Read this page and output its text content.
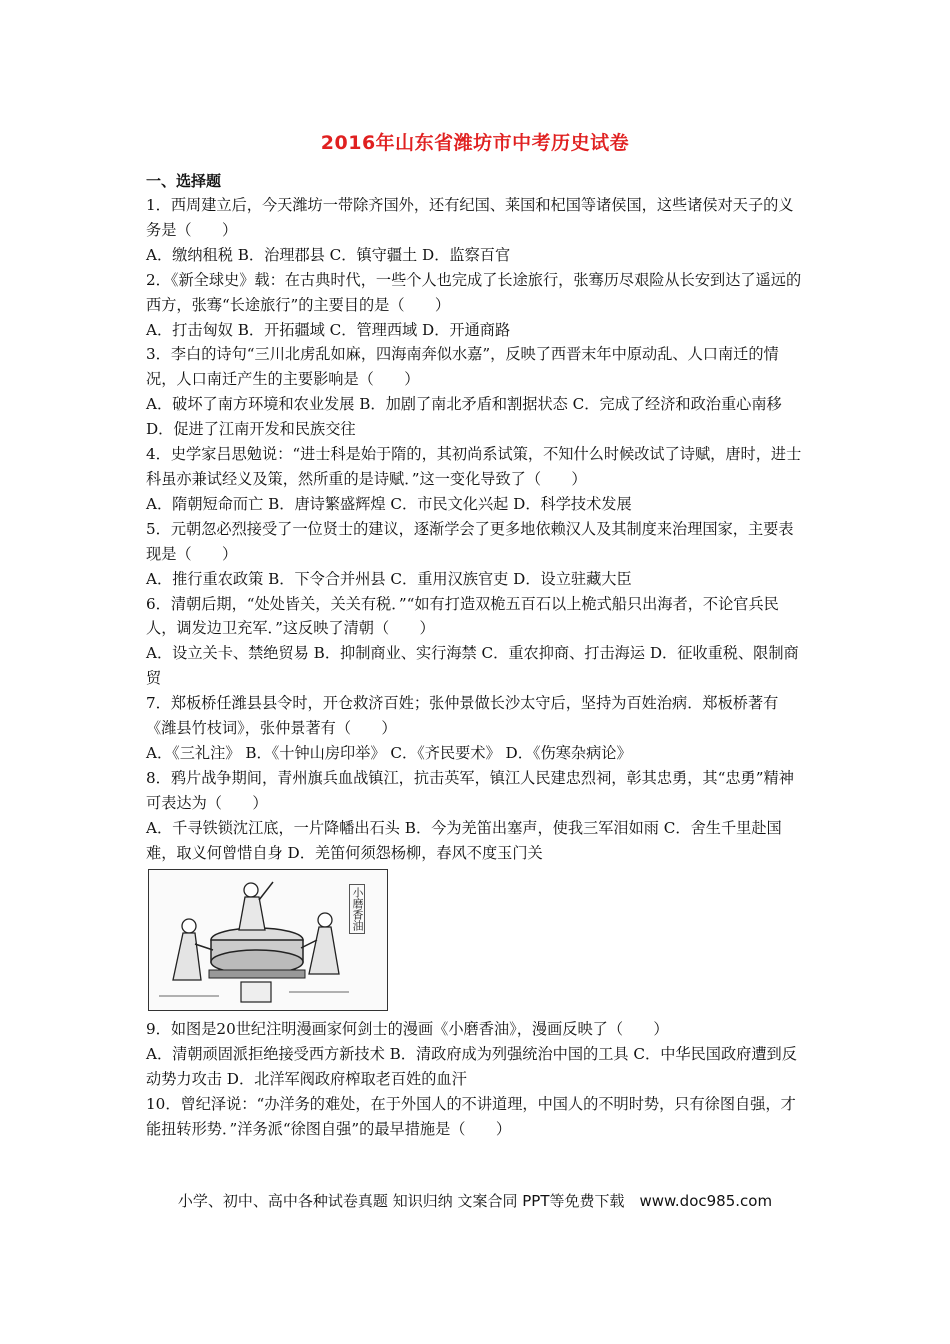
2016年山东省潍坊市中考历史试卷
一、选择题

1．西周建立后，今天潍坊一带除齐国外，还有纪国、莱国和杞国等诸侯国，这些诸侯对天子的义务是（　　）

A．缴纳租税 B．治理郡县 C．镇守疆土 D．监察百官

2．《新全球史》载：在古典时代，一些个人也完成了长途旅行，张骞历尽艰险从长安到达了遥远的西方，张骞“长途旅行”的主要目的是（　　）

A．打击匈奴 B．开拓疆域 C．管理西域 D．开通商路

3．李白的诗句“三川北虏乱如麻，四海南奔似水嘉”，反映了西晋末年中原动乱、人口南迁的情况，人口南迁产生的主要影响是（　　）

A．破坏了南方环境和农业发展 B．加剧了南北矛盾和割据状态 C．完成了经济和政治重心南移 D．促进了江南开发和民族交往

4．史学家吕思勉说：“进士科是始于隋的，其初尚系试策，不知什么时候改试了诗赋，唐时，进士科虽亦兼试经义及策，然所重的是诗赋．”这一变化导致了（　　）

A．隋朝短命而亡 B．唐诗繁盛辉煌 C．市民文化兴起 D．科学技术发展

5．元朝忽必烈接受了一位贤士的建议，逐渐学会了更多地依赖汉人及其制度来治理国家，主要表现是（　　）

A．推行重农政策 B．下令合并州县 C．重用汉族官吏 D．设立驻藏大臣

6．清朝后期，“处处皆关，关关有税．”“如有打造双桅五百石以上桅式船只出海者，不论官兵民人，调发边卫充军．”这反映了清朝（　　）

A．设立关卡、禁绝贸易 B．抑制商业、实行海禁 C．重农抑商、打击海运 D．征收重税、限制商贸

7．郑板桥任潍县县令时，开仓救济百姓；张仲景做长沙太守后，坚持为百姓治病．郑板桥著有《潍县竹枝词》，张仲景著有（　　）

A．《三礼注》 B．《十钟山房印举》 C．《齐民要术》 D．《伤寒杂病论》

8．鸦片战争期间，青州旗兵血战镇江，抗击英军，镇江人民建忠烈祠，彰其忠勇，其“忠勇”精神可表达为（　　）

A．千寻铁锁沈江底，一片降幡出石头 B．今为羌笛出塞声，使我三军泪如雨 C．舍生千里赴国难，取义何曾惜自身 D．羌笛何须怨杨柳，春风不度玉门关

小磨香油

9．如图是20世纪注明漫画家何剑士的漫画《小磨香油》，漫画反映了（　　）

A．清朝顽固派拒绝接受西方新技术 B．清政府成为列强统治中国的工具 C．中华民国政府遭到反动势力攻击 D．北洋军阀政府榨取老百姓的血汗

10．曾纪泽说：“办洋务的难处，在于外国人的不讲道理，中国人的不明时势，只有徐图自强，才能扭转形势．”洋务派“徐图自强”的最早措施是（　　）

小学、初中、高中各种试卷真题 知识归纳 文案合同 PPT等免费下载　www.doc985.com
